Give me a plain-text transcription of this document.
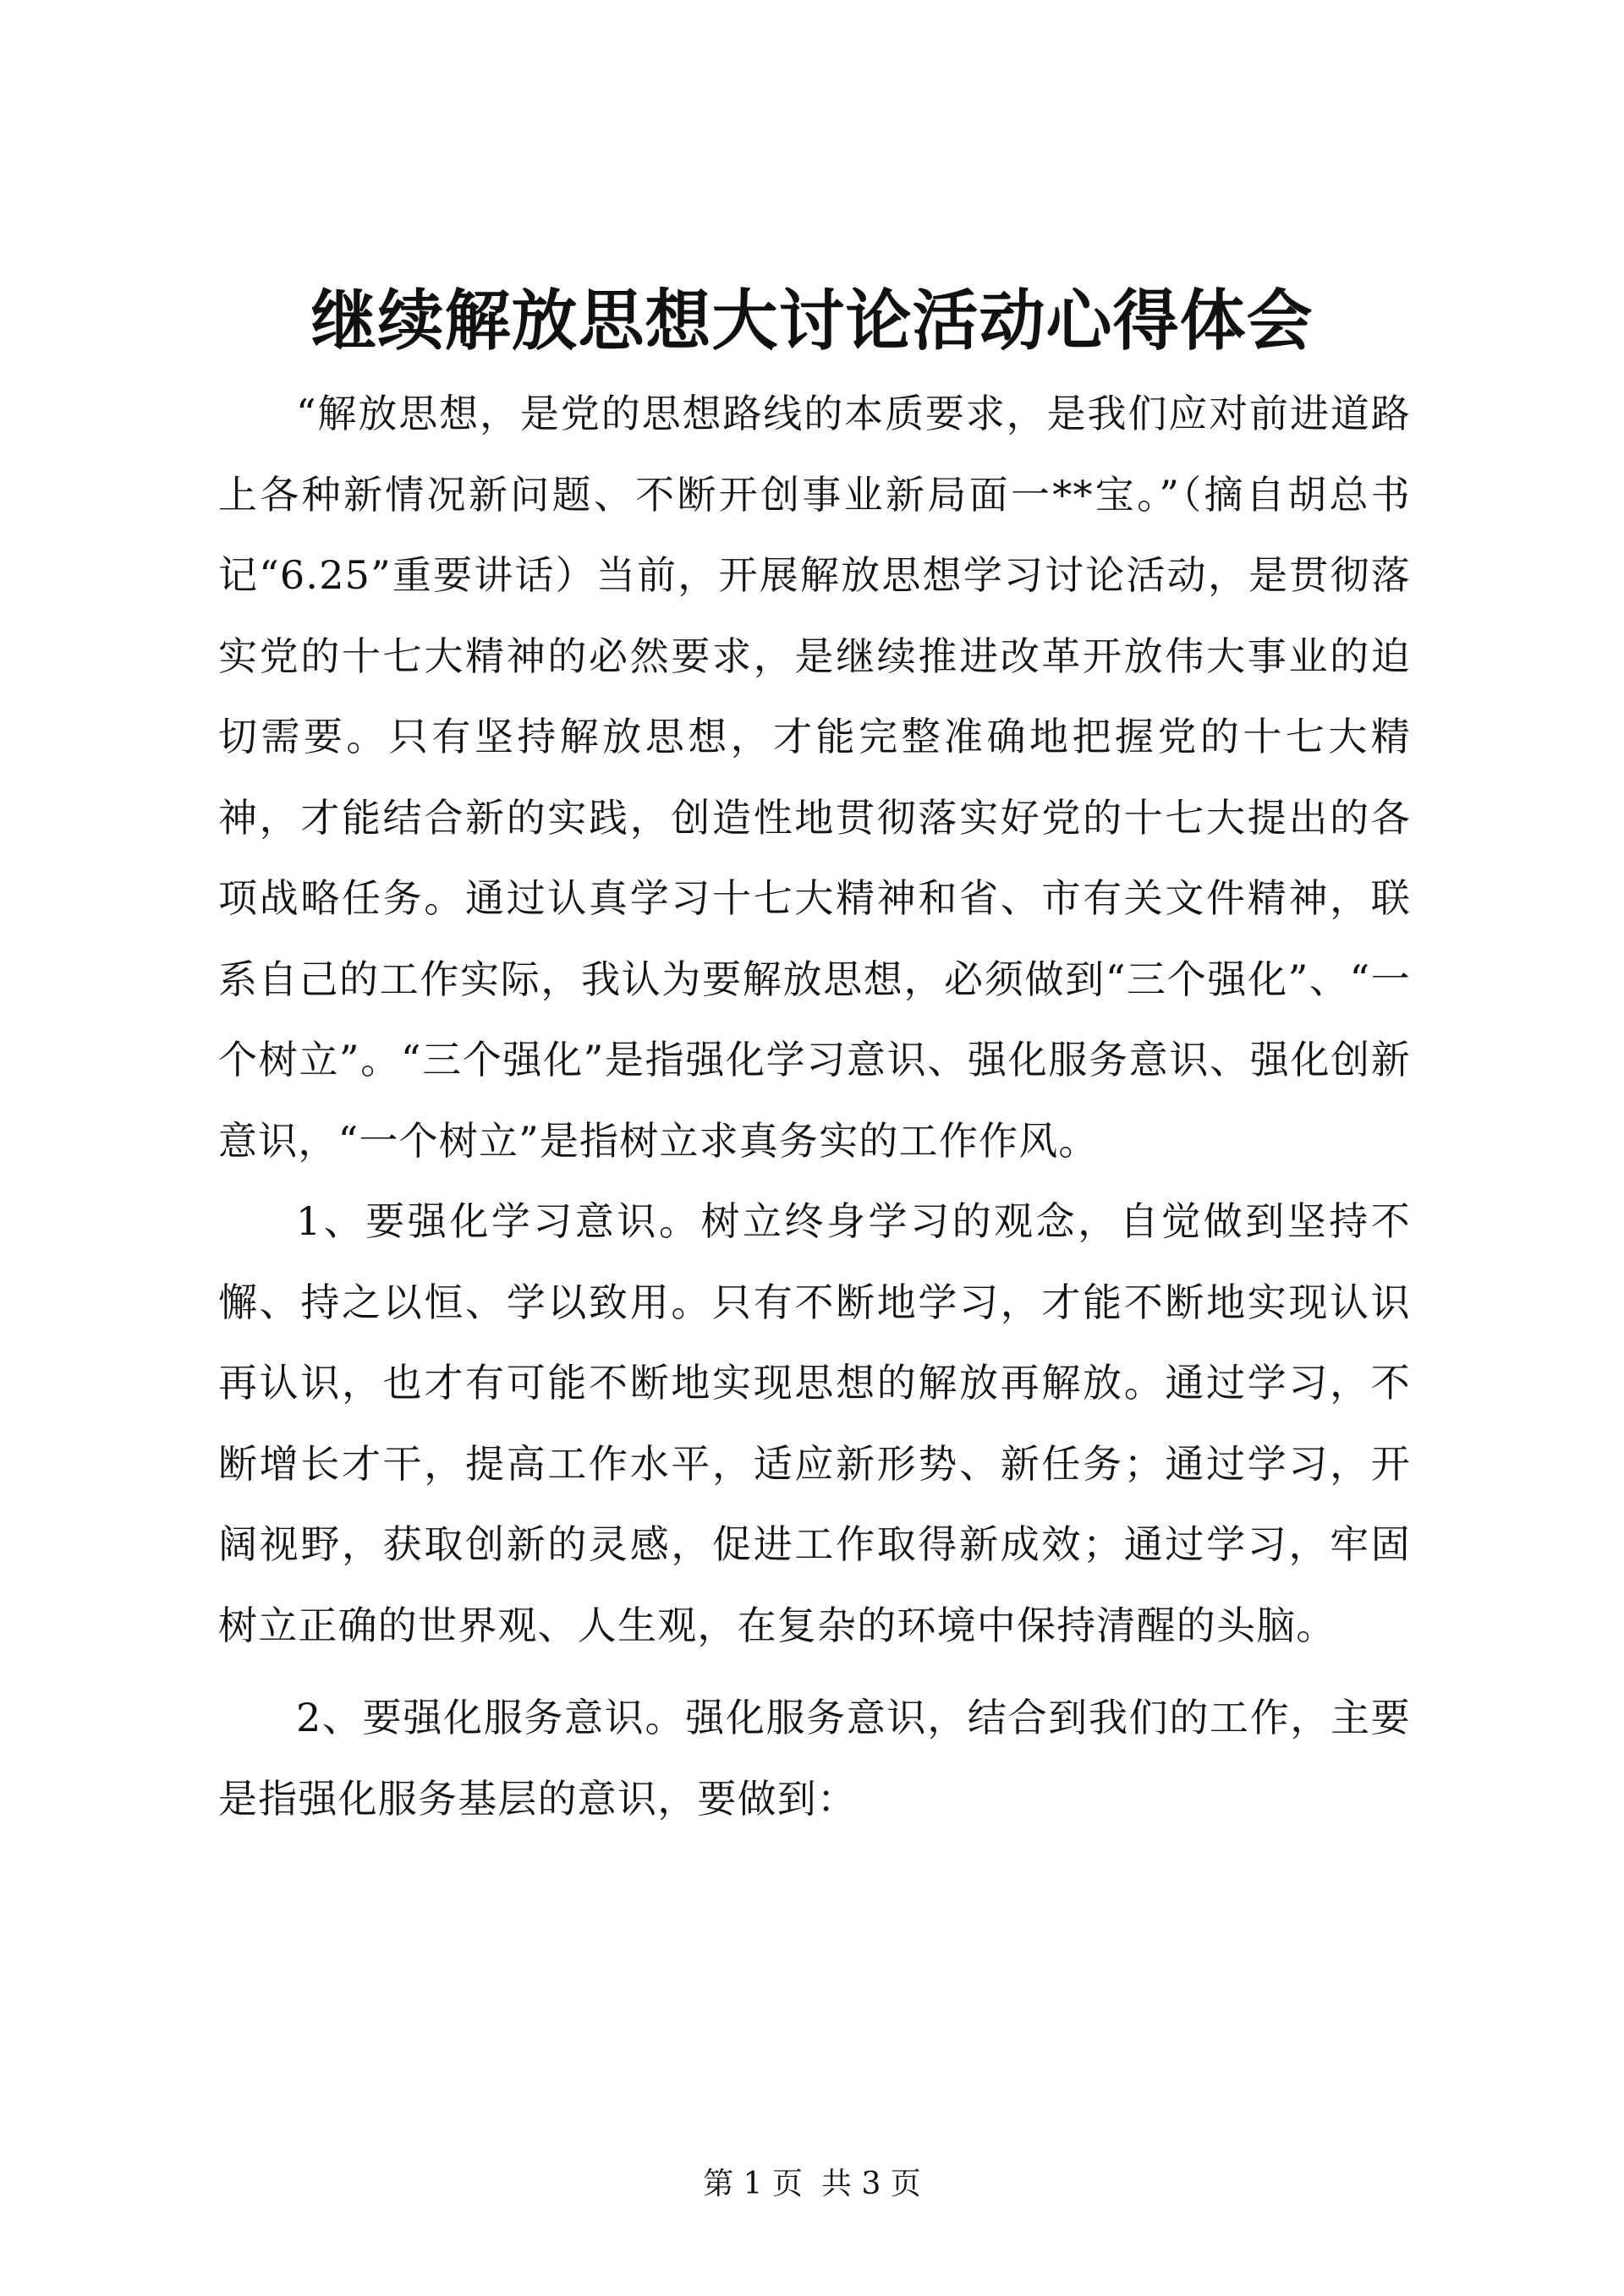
继续解放思想大讨论活动心得体会

“解放思想，是党的思想路线的本质要求，是我们应对前进道路上各种新情况新问题、不断开创事业新局面一**宝。”（摘自胡总书记“6.25”重要讲话）当前，开展解放思想学习讨论活动，是贯彻落实党的十七大精神的必然要求，是继续推进改革开放伟大事业的迫切需要。只有坚持解放思想，才能完整准确地把握党的十七大精神，才能结合新的实践，创造性地贯彻落实好党的十七大提出的各项战略任务。通过认真学习十七大精神和省、市有关文件精神，联系自己的工作实际，我认为要解放思想，必须做到“三个强化”、“一个树立”。“三个强化”是指强化学习意识、强化服务意识、强化创新意识，“一个树立”是指树立求真务实的工作作风。

1、要强化学习意识。树立终身学习的观念，自觉做到坚持不懈、持之以恒、学以致用。只有不断地学习，才能不断地实现认识再认识，也才有可能不断地实现思想的解放再解放。通过学习，不断增长才干，提高工作水平，适应新形势、新任务；通过学习，开阔视野，获取创新的灵感，促进工作取得新成效；通过学习，牢固树立正确的世界观、人生观，在复杂的环境中保持清醒的头脑。

2、要强化服务意识。强化服务意识，结合到我们的工作，主要是指强化服务基层的意识，要做到：

第 1 页 共 3 页
